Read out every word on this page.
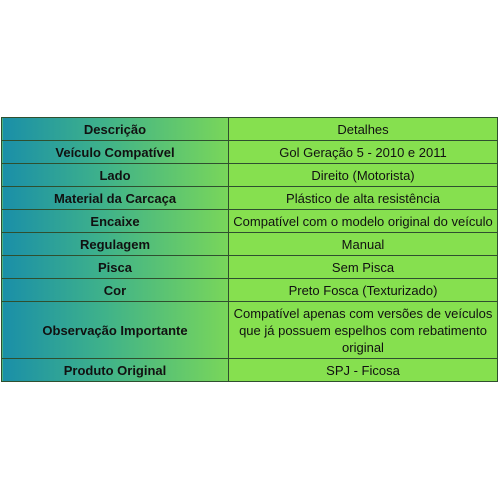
Descrição	Detalhes
Veículo Compatível	Gol Geração 5 - 2010 e 2011
Lado	Direito (Motorista)
Material da Carcaça	Plástico de alta resistência
Encaixe	Compatível com o modelo original do veículo
Regulagem	Manual
Pisca	Sem Pisca
Cor	Preto Fosca (Texturizado)
Observação Importante	Compatível apenas com versões de veículos que já possuem espelhos com rebatimento original
Produto Original	SPJ - Ficosa
